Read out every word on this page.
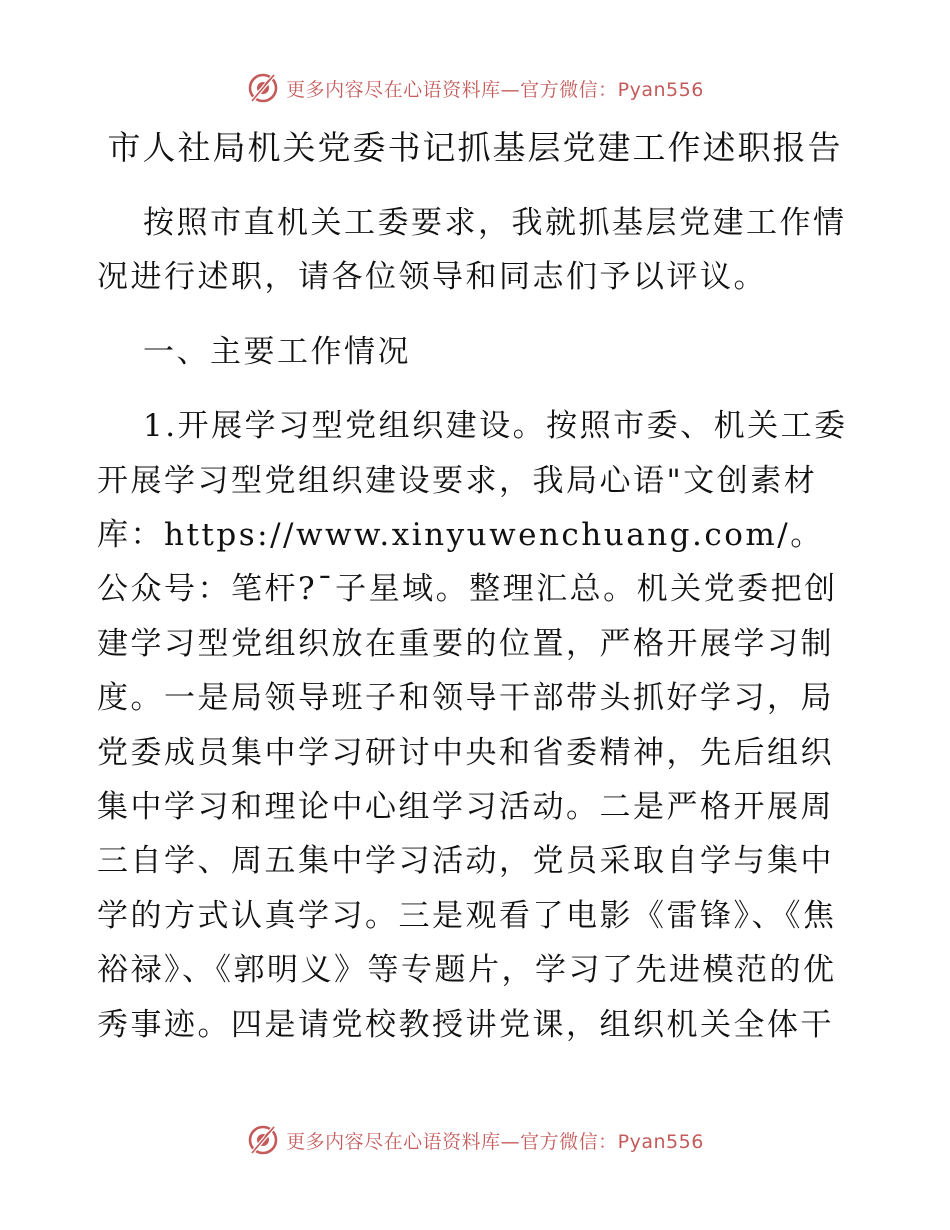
更多内容尽在心语资料库—官方微信：Pyan556
市人社局机关党委书记抓基层党建工作述职报告

按照市直机关工委要求，我就抓基层党建工作情况进行述职，请各位领导和同志们予以评议。

一、主要工作情况

1.开展学习型党组织建设。按照市委、机关工委开展学习型党组织建设要求，我局心语"文创素材库：https://www.xinyuwenchuang.com/。公众号：笔杆?¯子星域。整理汇总。机关党委把创建学习型党组织放在重要的位置，严格开展学习制度。一是局领导班子和领导干部带头抓好学习，局党委成员集中学习研讨中央和省委精神，先后组织集中学习和理论中心组学习活动。二是严格开展周三自学、周五集中学习活动，党员采取自学与集中学的方式认真学习。三是观看了电影《雷锋》、《焦裕禄》、《郭明义》等专题片，学习了先进模范的优秀事迹。四是请党校教授讲党课，组织机关全体干

更多内容尽在心语资料库—官方微信：Pyan556
